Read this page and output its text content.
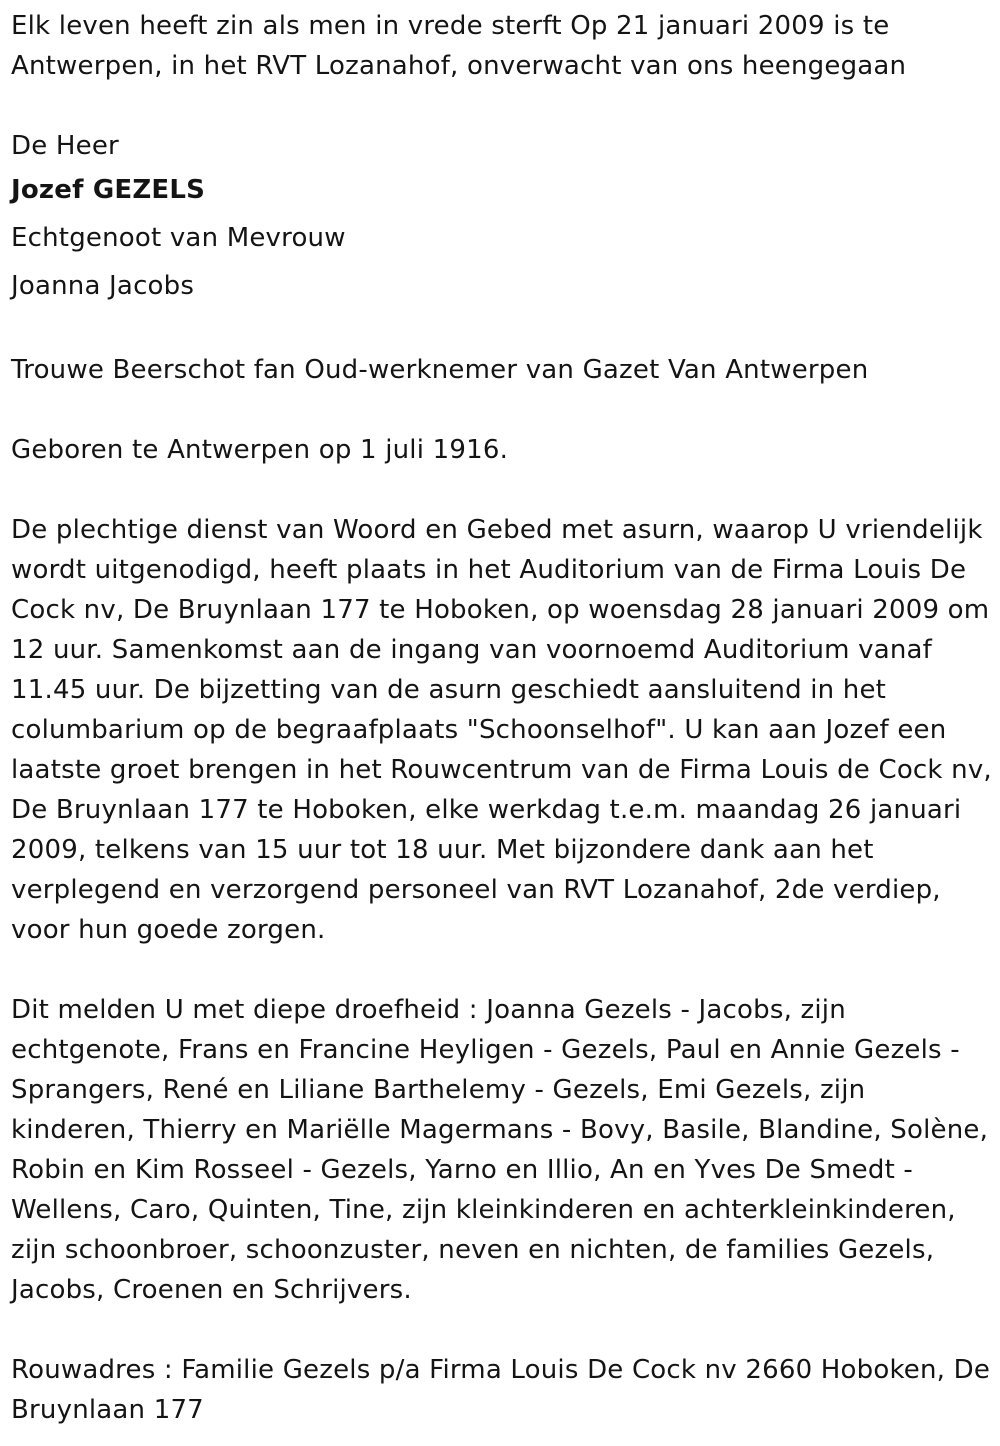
Elk leven heeft zin als men in vrede sterft Op 21 januari 2009 is te Antwerpen, in het RVT Lozanahof, onverwacht van ons heengegaan

De Heer

Jozef GEZELS

Echtgenoot van Mevrouw

Joanna Jacobs

Trouwe Beerschot fan Oud-werknemer van Gazet Van Antwerpen

Geboren te Antwerpen op 1 juli 1916.

De plechtige dienst van Woord en Gebed met asurn, waarop U vriendelijk wordt uitgenodigd, heeft plaats in het Auditorium van de Firma Louis De Cock nv, De Bruynlaan 177 te Hoboken, op woensdag 28 januari 2009 om 12 uur. Samenkomst aan de ingang van voornoemd Auditorium vanaf 11.45 uur. De bijzetting van de asurn geschiedt aansluitend in het columbarium op de begraafplaats "Schoonselhof". U kan aan Jozef een laatste groet brengen in het Rouwcentrum van de Firma Louis de Cock nv, De Bruynlaan 177 te Hoboken, elke werkdag t.e.m. maandag 26 januari 2009, telkens van 15 uur tot 18 uur. Met bijzondere dank aan het verplegend en verzorgend personeel van RVT Lozanahof, 2de verdiep, voor hun goede zorgen.

Dit melden U met diepe droefheid : Joanna Gezels - Jacobs, zijn echtgenote, Frans en Francine Heyligen - Gezels, Paul en Annie Gezels - Sprangers, René en Liliane Barthelemy - Gezels, Emi Gezels, zijn kinderen, Thierry en Mariëlle Magermans - Bovy, Basile, Blandine, Solène, Robin en Kim Rosseel - Gezels, Yarno en Illio, An en Yves De Smedt - Wellens, Caro, Quinten, Tine, zijn kleinkinderen en achterkleinkinderen, zijn schoonbroer, schoonzuster, neven en nichten, de families Gezels, Jacobs, Croenen en Schrijvers.

Rouwadres : Familie Gezels p/a Firma Louis De Cock nv 2660 Hoboken, De Bruynlaan 177
